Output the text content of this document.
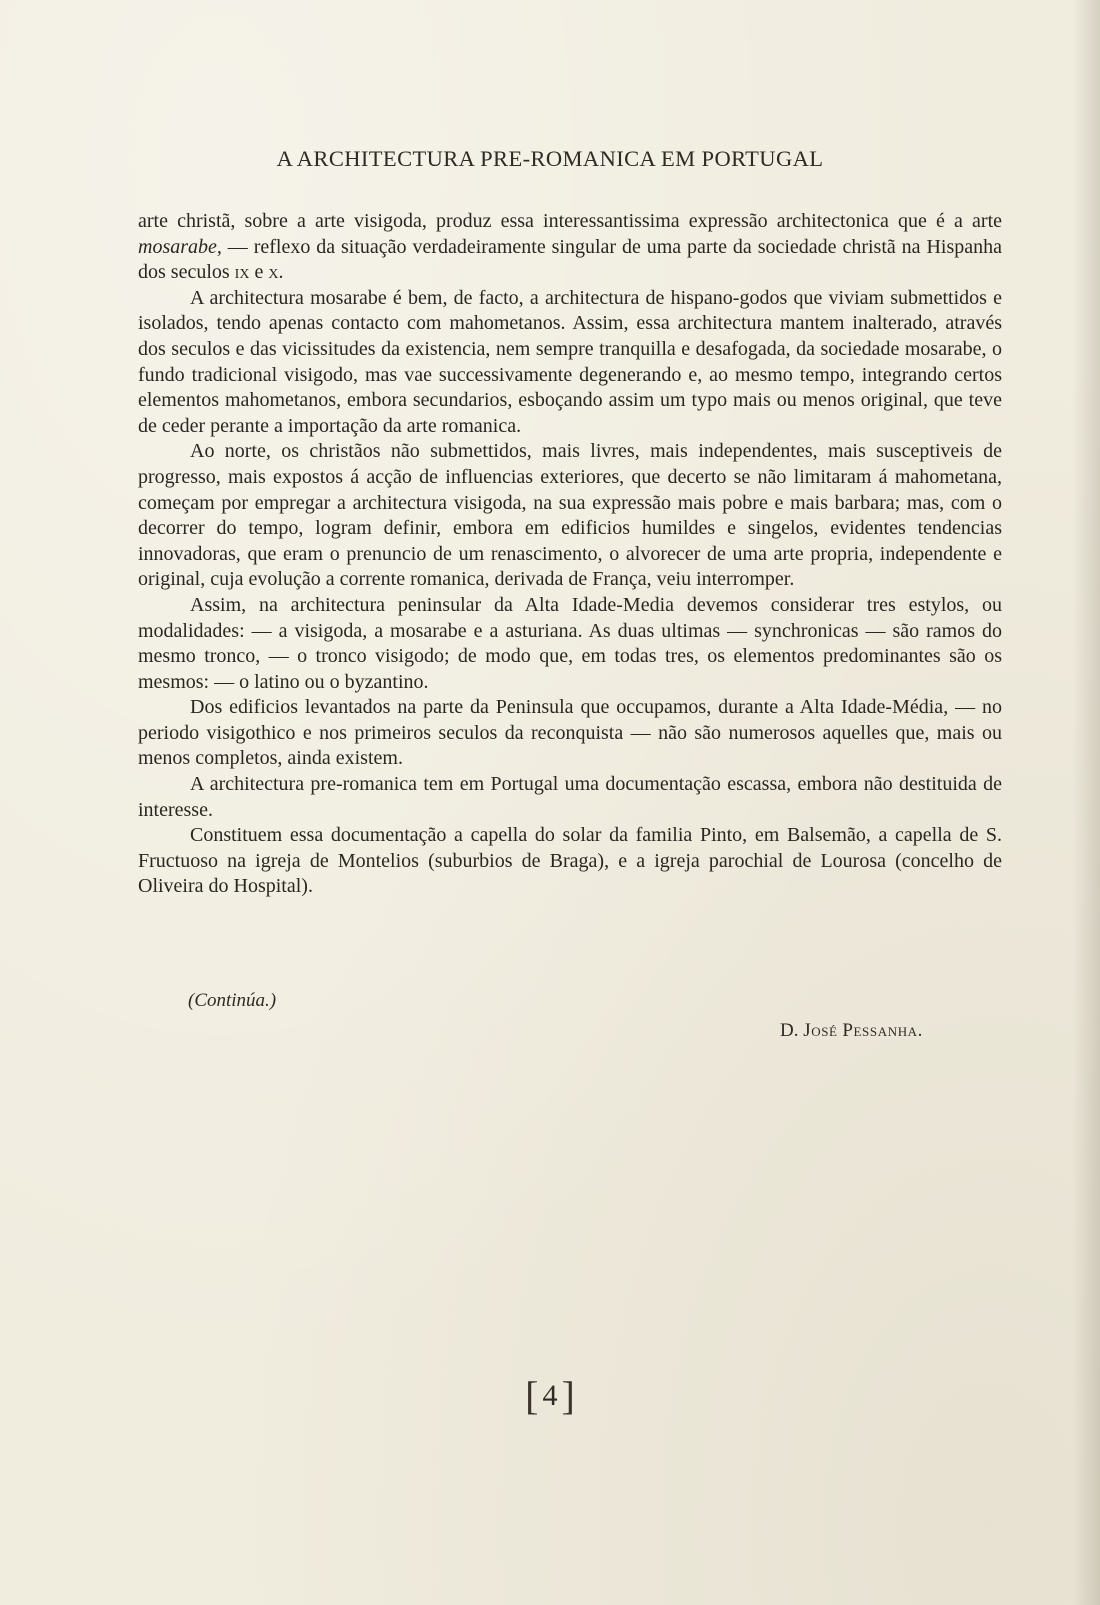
A ARCHITECTURA PRE-ROMANICA EM PORTUGAL

arte christã, sobre a arte visigoda, produz essa interessantissima expressão architectonica que é a arte mosarabe, — reflexo da situação verdadeiramente singular de uma parte da sociedade christã na Hispanha dos seculos ix e x.

A architectura mosarabe é bem, de facto, a architectura de hispano-godos que viviam submettidos e isolados, tendo apenas contacto com mahometanos. Assim, essa architectura mantem inalterado, através dos seculos e das vicissitudes da existencia, nem sempre tranquilla e desafogada, da sociedade mosarabe, o fundo tradicional visigodo, mas vae successivamente degenerando e, ao mesmo tempo, integrando certos elementos mahometanos, embora secundarios, esboçando assim um typo mais ou menos original, que teve de ceder perante a importação da arte romanica.

Ao norte, os christãos não submettidos, mais livres, mais independentes, mais susceptiveis de progresso, mais expostos á acção de influencias exteriores, que decerto se não limitaram á mahometana, começam por empregar a architectura visigoda, na sua expressão mais pobre e mais barbara; mas, com o decorrer do tempo, logram definir, embora em edificios humildes e singelos, evidentes tendencias innovadoras, que eram o prenuncio de um renascimento, o alvorecer de uma arte propria, independente e original, cuja evolução a corrente romanica, derivada de França, veiu interromper.

Assim, na architectura peninsular da Alta Idade-Media devemos considerar tres estylos, ou modalidades: — a visigoda, a mosarabe e a asturiana. As duas ultimas — synchronicas — são ramos do mesmo tronco, — o tronco visigodo; de modo que, em todas tres, os elementos predominantes são os mesmos: — o latino ou o byzantino.

Dos edificios levantados na parte da Peninsula que occupamos, durante a Alta Idade-Média, — no periodo visigothico e nos primeiros seculos da reconquista — não são numerosos aquelles que, mais ou menos completos, ainda existem.

A architectura pre-romanica tem em Portugal uma documentação escassa, embora não destituida de interesse.

Constituem essa documentação a capella do solar da familia Pinto, em Balsemão, a capella de S. Fructuoso na igreja de Montelios (suburbios de Braga), e a igreja parochial de Lourosa (concelho de Oliveira do Hospital).

(Continúa.)
D. José Pessanha.
[ 4 ]
